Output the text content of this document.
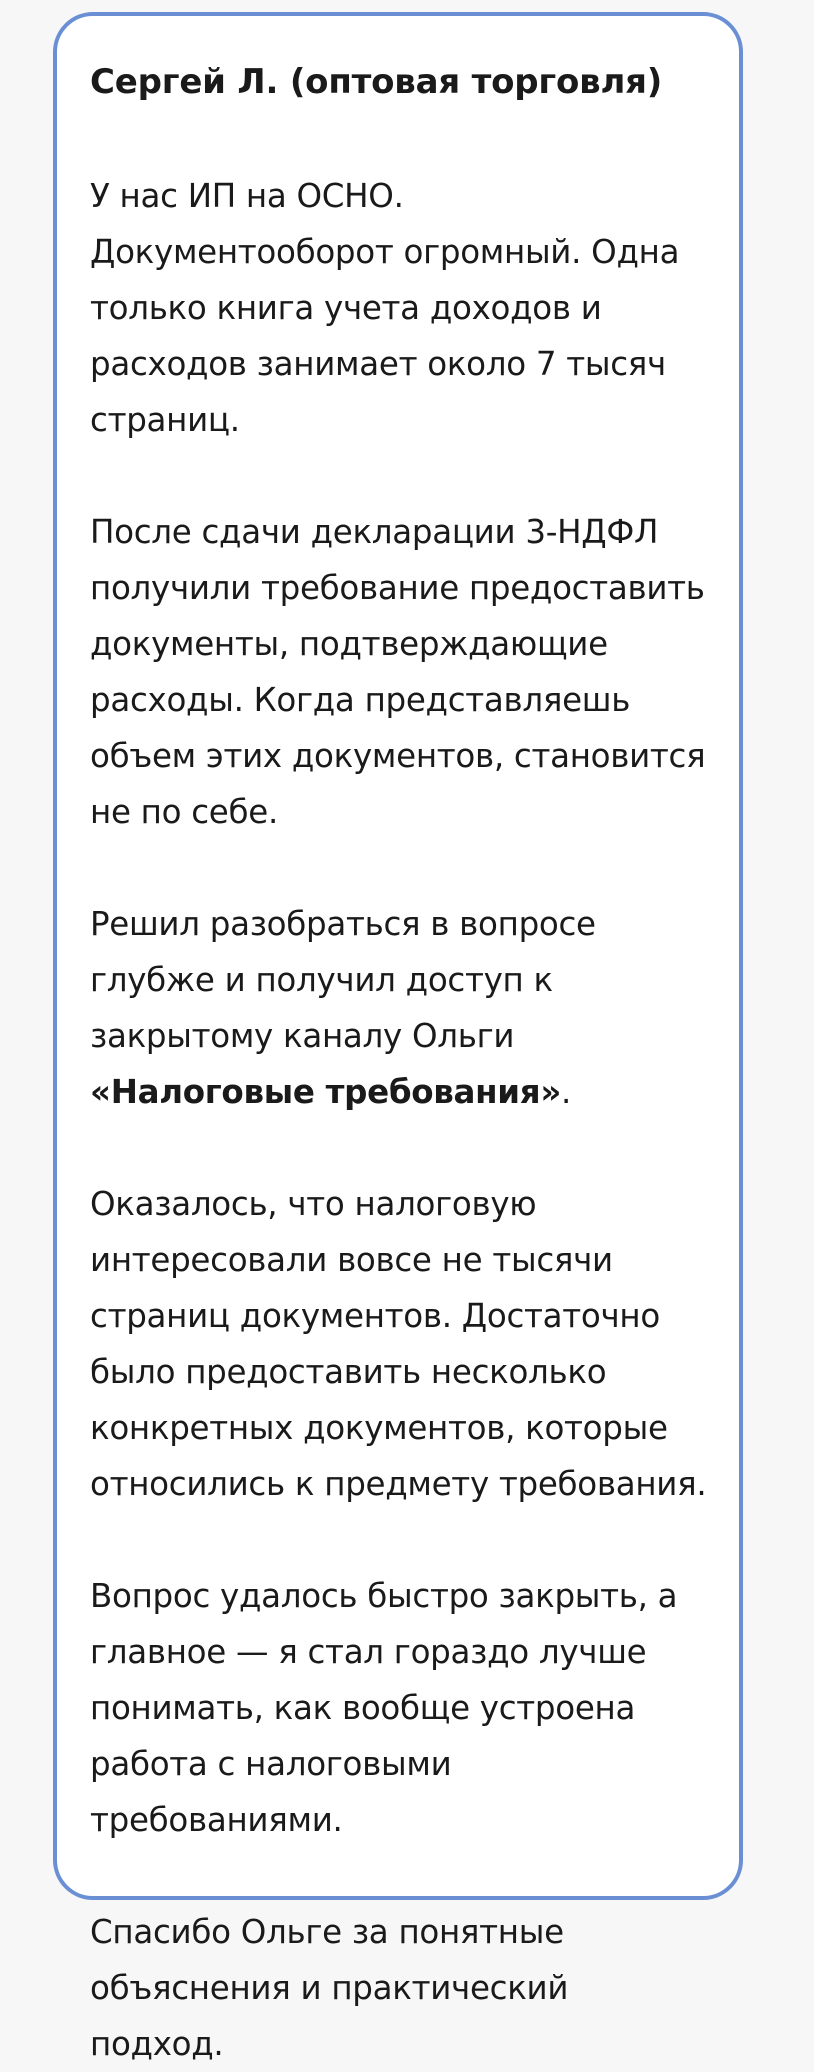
Сергей Л. (оптовая торговля)

У нас ИП на ОСНО. Документооборот огромный. Одна только книга учета доходов и расходов занимает около 7 тысяч страниц.

После сдачи декларации 3-НДФЛ получили требование предоставить документы, подтверждающие расходы. Когда представляешь объем этих документов, становится не по себе.

Решил разобраться в вопросе глубже и получил доступ к закрытому каналу Ольги «Налоговые требования».

Оказалось, что налоговую интересовали вовсе не тысячи страниц документов. Достаточно было предоставить несколько конкретных документов, которые относились к предмету требования.

Вопрос удалось быстро закрыть, а главное — я стал гораздо лучше понимать, как вообще устроена работа с налоговыми требованиями.

Спасибо Ольге за понятные объяснения и практический подход.
